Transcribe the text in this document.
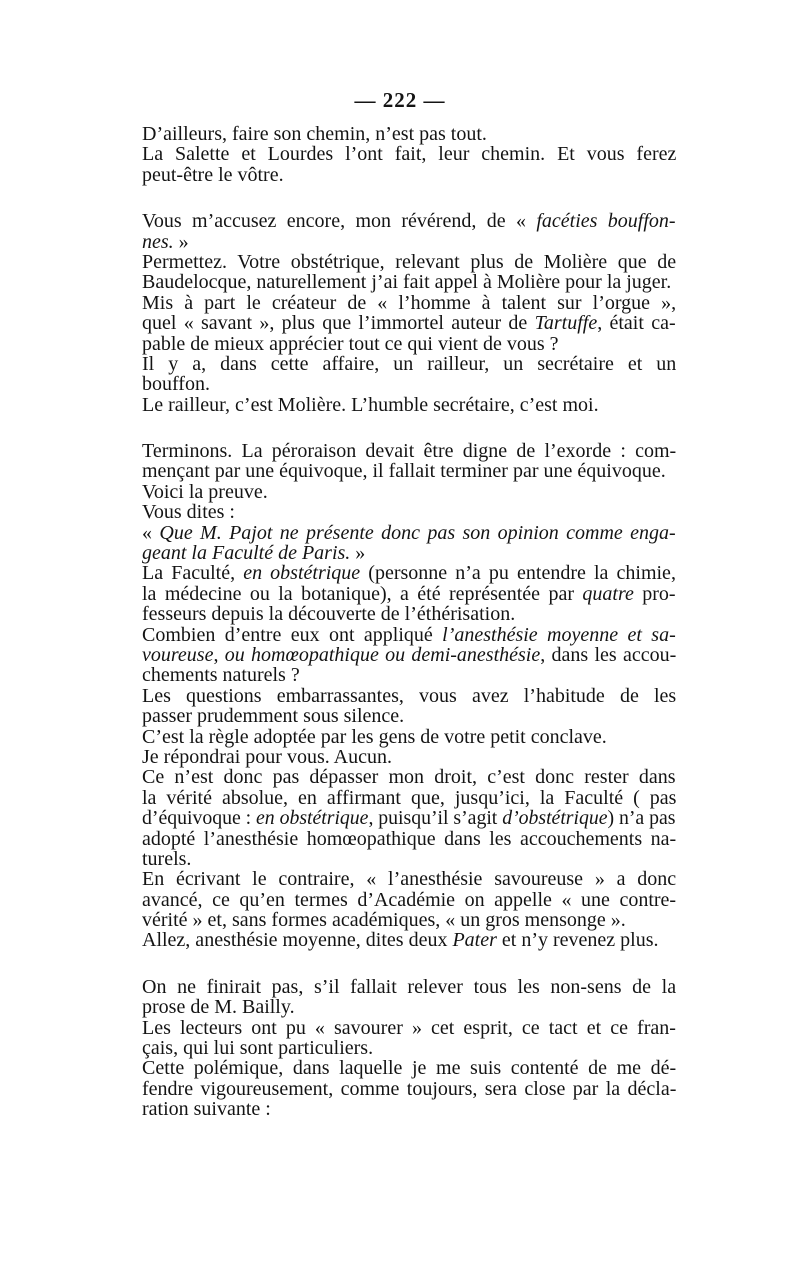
— 222 —
D’ailleurs, faire son chemin, n’est pas tout.
La Salette et Lourdes l’ont fait, leur chemin. Et vous ferez
peut-être le vôtre.
Vous m’accusez encore, mon révérend, de « facéties bouffon-
nes. »
Permettez. Votre obstétrique, relevant plus de Molière que de
Baudelocque, naturellement j’ai fait appel à Molière pour la juger.
Mis à part le créateur de « l’homme à talent sur l’orgue »,
quel « savant », plus que l’immortel auteur de Tartuffe, était ca-
pable de mieux apprécier tout ce qui vient de vous ?
Il y a, dans cette affaire, un railleur, un secrétaire et un
bouffon.
Le railleur, c’est Molière. L’humble secrétaire, c’est moi.
Terminons. La péroraison devait être digne de l’exorde : com-
mençant par une équivoque, il fallait terminer par une équivoque.
Voici la preuve.
Vous dites :
« Que M. Pajot ne présente donc pas son opinion comme enga-
geant la Faculté de Paris. »
La Faculté, en obstétrique (personne n’a pu entendre la chimie,
la médecine ou la botanique), a été représentée par quatre pro-
fesseurs depuis la découverte de l’éthérisation.
Combien d’entre eux ont appliqué l’anesthésie moyenne et sa-
voureuse, ou homœopathique ou demi-anesthésie, dans les accou-
chements naturels ?
Les questions embarrassantes, vous avez l’habitude de les
passer prudemment sous silence.
C’est la règle adoptée par les gens de votre petit conclave.
Je répondrai pour vous. Aucun.
Ce n’est donc pas dépasser mon droit, c’est donc rester dans
la vérité absolue, en affirmant que, jusqu’ici, la Faculté ( pas
d’équivoque : en obstétrique, puisqu’il s’agit d’obstétrique) n’a pas
adopté l’anesthésie homœopathique dans les accouchements na-
turels.
En écrivant le contraire, « l’anesthésie savoureuse » a donc
avancé, ce qu’en termes d’Académie on appelle « une contre-
vérité » et, sans formes académiques, « un gros mensonge ».
Allez, anesthésie moyenne, dites deux Pater et n’y revenez plus.
On ne finirait pas, s’il fallait relever tous les non-sens de la
prose de M. Bailly.
Les lecteurs ont pu « savourer » cet esprit, ce tact et ce fran-
çais, qui lui sont particuliers.
Cette polémique, dans laquelle je me suis contenté de me dé-
fendre vigoureusement, comme toujours, sera close par la décla-
ration suivante :
